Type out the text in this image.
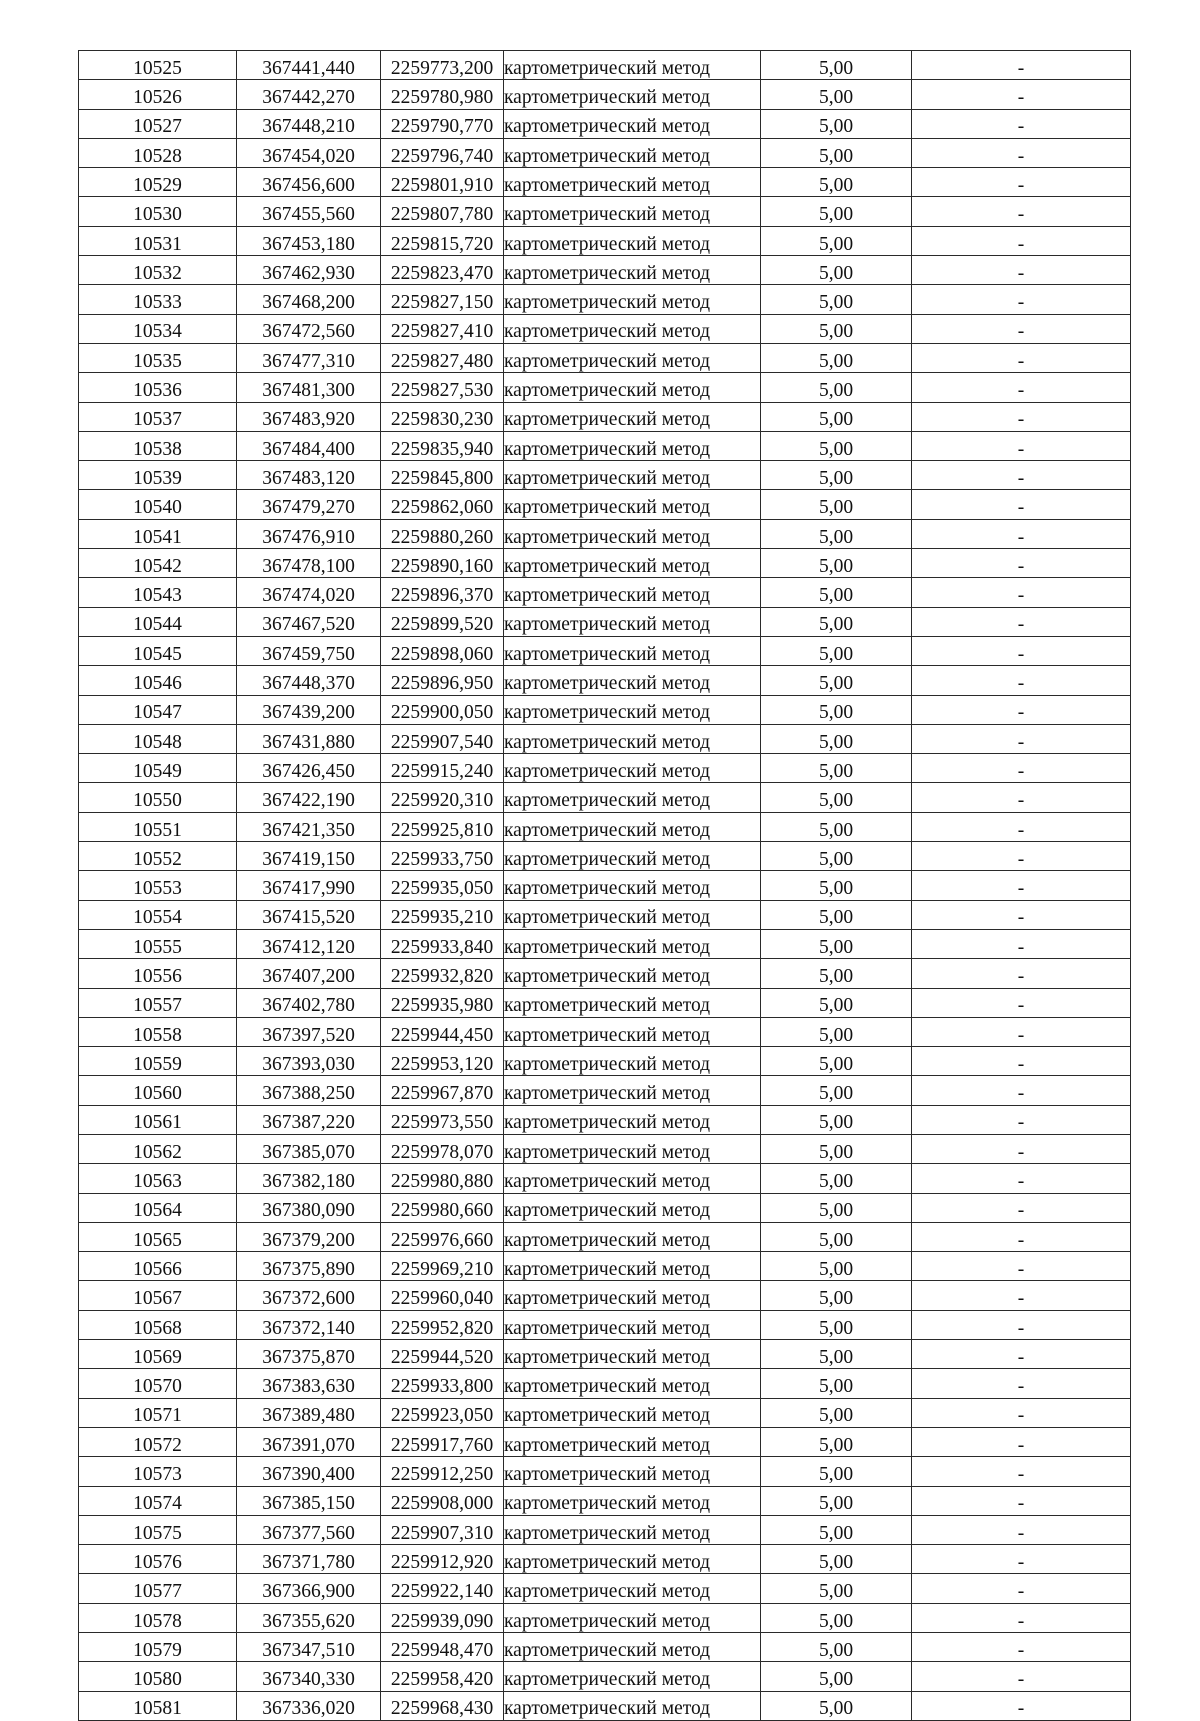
10525	367441,440	2259773,200	картометрический метод	5,00	-
10526	367442,270	2259780,980	картометрический метод	5,00	-
10527	367448,210	2259790,770	картометрический метод	5,00	-
10528	367454,020	2259796,740	картометрический метод	5,00	-
10529	367456,600	2259801,910	картометрический метод	5,00	-
10530	367455,560	2259807,780	картометрический метод	5,00	-
10531	367453,180	2259815,720	картометрический метод	5,00	-
10532	367462,930	2259823,470	картометрический метод	5,00	-
10533	367468,200	2259827,150	картометрический метод	5,00	-
10534	367472,560	2259827,410	картометрический метод	5,00	-
10535	367477,310	2259827,480	картометрический метод	5,00	-
10536	367481,300	2259827,530	картометрический метод	5,00	-
10537	367483,920	2259830,230	картометрический метод	5,00	-
10538	367484,400	2259835,940	картометрический метод	5,00	-
10539	367483,120	2259845,800	картометрический метод	5,00	-
10540	367479,270	2259862,060	картометрический метод	5,00	-
10541	367476,910	2259880,260	картометрический метод	5,00	-
10542	367478,100	2259890,160	картометрический метод	5,00	-
10543	367474,020	2259896,370	картометрический метод	5,00	-
10544	367467,520	2259899,520	картометрический метод	5,00	-
10545	367459,750	2259898,060	картометрический метод	5,00	-
10546	367448,370	2259896,950	картометрический метод	5,00	-
10547	367439,200	2259900,050	картометрический метод	5,00	-
10548	367431,880	2259907,540	картометрический метод	5,00	-
10549	367426,450	2259915,240	картометрический метод	5,00	-
10550	367422,190	2259920,310	картометрический метод	5,00	-
10551	367421,350	2259925,810	картометрический метод	5,00	-
10552	367419,150	2259933,750	картометрический метод	5,00	-
10553	367417,990	2259935,050	картометрический метод	5,00	-
10554	367415,520	2259935,210	картометрический метод	5,00	-
10555	367412,120	2259933,840	картометрический метод	5,00	-
10556	367407,200	2259932,820	картометрический метод	5,00	-
10557	367402,780	2259935,980	картометрический метод	5,00	-
10558	367397,520	2259944,450	картометрический метод	5,00	-
10559	367393,030	2259953,120	картометрический метод	5,00	-
10560	367388,250	2259967,870	картометрический метод	5,00	-
10561	367387,220	2259973,550	картометрический метод	5,00	-
10562	367385,070	2259978,070	картометрический метод	5,00	-
10563	367382,180	2259980,880	картометрический метод	5,00	-
10564	367380,090	2259980,660	картометрический метод	5,00	-
10565	367379,200	2259976,660	картометрический метод	5,00	-
10566	367375,890	2259969,210	картометрический метод	5,00	-
10567	367372,600	2259960,040	картометрический метод	5,00	-
10568	367372,140	2259952,820	картометрический метод	5,00	-
10569	367375,870	2259944,520	картометрический метод	5,00	-
10570	367383,630	2259933,800	картометрический метод	5,00	-
10571	367389,480	2259923,050	картометрический метод	5,00	-
10572	367391,070	2259917,760	картометрический метод	5,00	-
10573	367390,400	2259912,250	картометрический метод	5,00	-
10574	367385,150	2259908,000	картометрический метод	5,00	-
10575	367377,560	2259907,310	картометрический метод	5,00	-
10576	367371,780	2259912,920	картометрический метод	5,00	-
10577	367366,900	2259922,140	картометрический метод	5,00	-
10578	367355,620	2259939,090	картометрический метод	5,00	-
10579	367347,510	2259948,470	картометрический метод	5,00	-
10580	367340,330	2259958,420	картометрический метод	5,00	-
10581	367336,020	2259968,430	картометрический метод	5,00	-
